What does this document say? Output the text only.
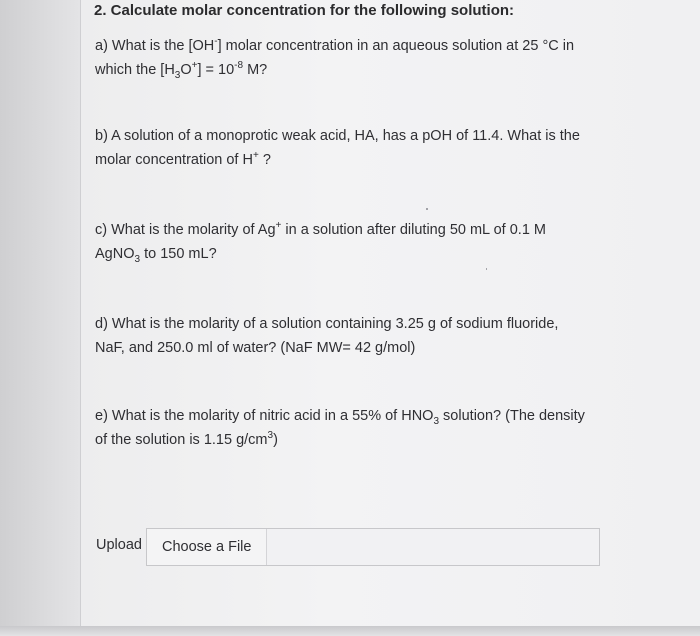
2. Calculate molar concentration for the following solution:
a) What is the [OH-] molar concentration in an aqueous solution at 25 °C in
which the $[H_3O^+] = 10^{-8}$ M?
b) A solution of a monoprotic weak acid, HA, has a pOH of 11.4. What is the
molar concentration of H+ ?
c) What is the molarity of Ag+ in a solution after diluting 50 mL of 0.1 M
AgNO$_3$ to 150 mL?
d) What is the molarity of a solution containing 3.25 g of sodium fluoride,
NaF, and 250.0 ml of water? (NaF MW= 42 g/mol)
e) What is the molarity of nitric acid in a 55% of $HNO_3$ solution? (The density
of the solution is 1.15 $g/cm^3$)
Upload	Choose a File
